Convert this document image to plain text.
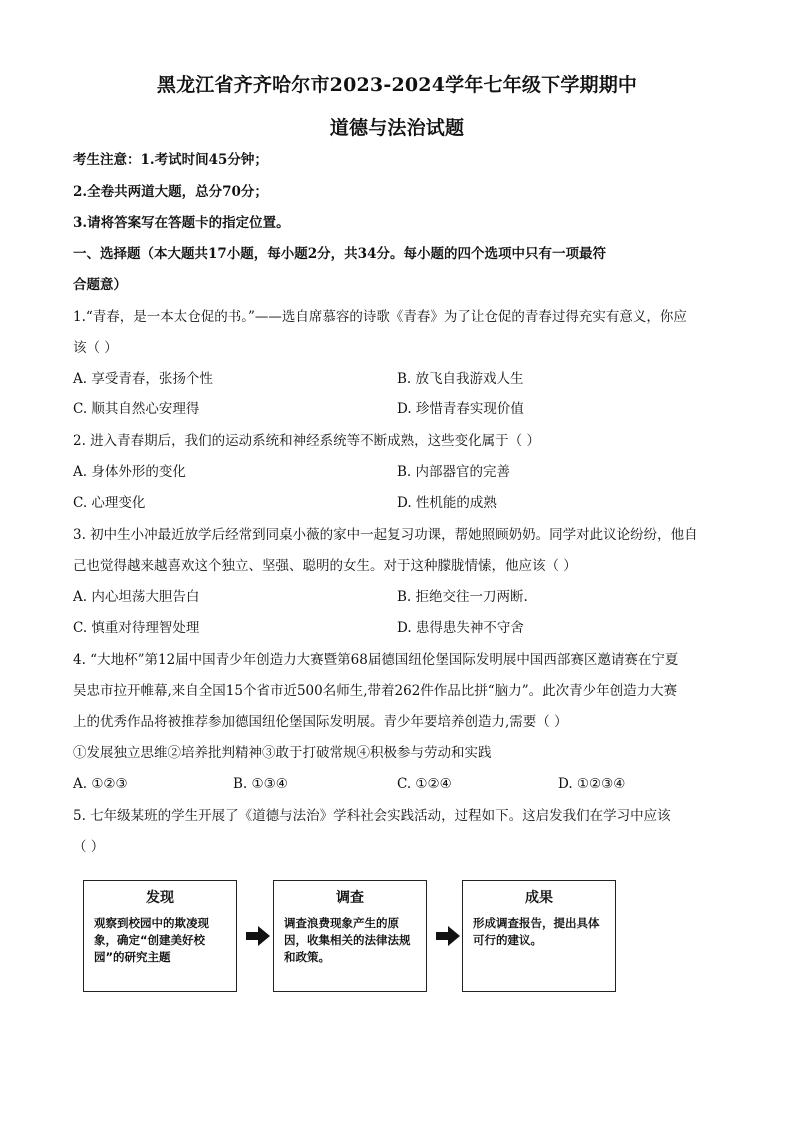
黑龙江省齐齐哈尔市2023-2024学年七年级下学期期中
道德与法治试题
考生注意：1.考试时间45分钟；
2.全卷共两道大题，总分70分；
3.请将答案写在答题卡的指定位置。
一、选择题（本大题共17小题，每小题2分，共34分。每小题的四个选项中只有一项最符
合题意）
1.“青春，是一本太仓促的书。”——选自席慕容的诗歌《青春》为了让仓促的青春过得充实有意义，你应
该（ ）
A. 享受青春，张扬个性	B. 放飞自我游戏人生
C. 顺其自然心安理得	D. 珍惜青春实现价值
2. 进入青春期后，我们的运动系统和神经系统等不断成熟，这些变化属于（ ）
A. 身体外形的变化	B. 内部器官的完善
C. 心理变化	D. 性机能的成熟
3. 初中生小冲最近放学后经常到同桌小薇的家中一起复习功课，帮她照顾奶奶。同学对此议论纷纷，他自
己也觉得越来越喜欢这个独立、坚强、聪明的女生。对于这种朦胧情愫，他应该（ ）
A. 内心坦荡大胆告白	B. 拒绝交往一刀两断.
C. 慎重对待理智处理	D. 患得患失神不守舍
4. “大地杯”第12届中国青少年创造力大赛暨第68届德国纽伦堡国际发明展中国西部赛区邀请赛在宁夏
吴忠市拉开帷幕,来自全国15个省市近500名师生,带着262件作品比拼“脑力”。此次青少年创造力大赛
上的优秀作品将被推荐参加德国纽伦堡国际发明展。青少年要培养创造力,需要（ ）
①发展独立思维②培养批判精神③敢于打破常规④积极参与劳动和实践
A. ①②③	B. ①③④	C. ①②④	D. ①②③④
5. 七年级某班的学生开展了《道德与法治》学科社会实践活动，过程如下。这启发我们在学习中应该
（ ）
发现
观察到校园中的欺凌现象，确定“创建美好校园”的研究主题
调查
调查浪费现象产生的原因，收集相关的法律法规和政策。
成果
形成调查报告，提出具体可行的建议。
